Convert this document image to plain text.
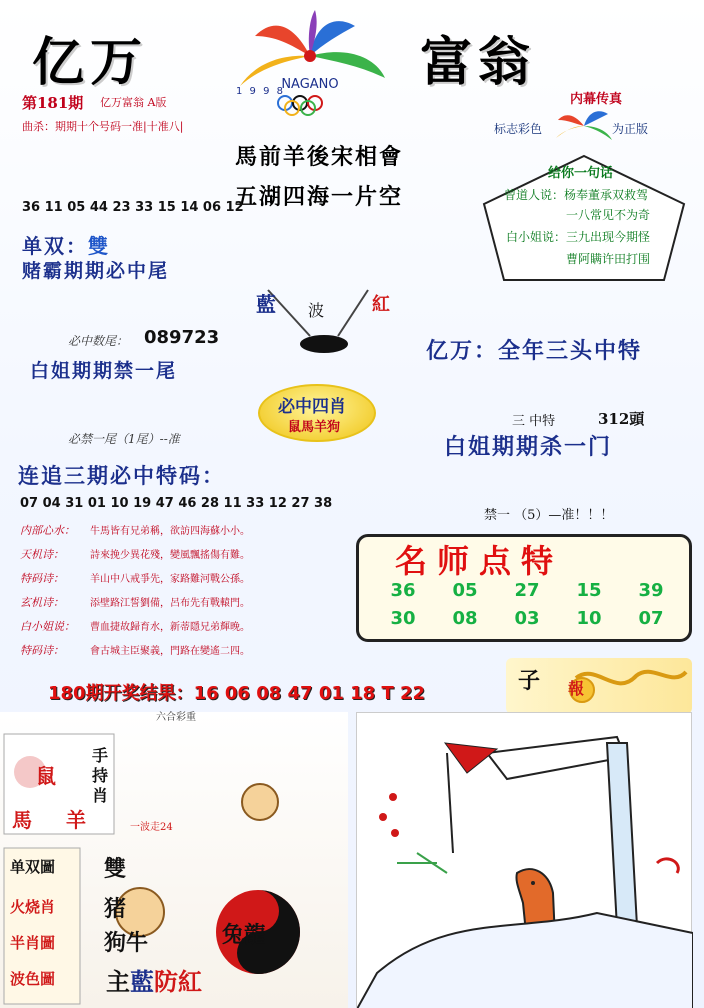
亿万	富翁
NAGANO
1 9 9 8
第181期 亿万富翁 A版
曲杀：期期十个号码一准|十准八|
馬前羊後宋相會
五湖四海一片空
内幕传真
标志彩色	为正版
给你一句话
曾道人说：杨奉董承双救驾
一八常见不为奇
白小姐说：三九出现今期怪
曹阿瞒许田打围
36 11 05 44 23 33 15 14 06 12
单双：雙
赌霸期期必中尾
必中数尾： 089723
白姐期期禁一尾
藍 波	紅
亿万：全年三头中特
必中四肖
鼠馬羊狗
必禁一尾（1尾）--准
三 中特	312頭
白姐期期杀一门
连追三期必中特码：
07 04 31 01 10 19 47 46 28 11 33 12 27 38
禁一 （5）—准！！！
内部心水： 牛馬皆有兄弟稱，欲訪四海蘇小小。
天机诗：	詩來挽少異花殘，變風飄搖傷有難。
特码诗：	羊山中八戒爭先，家路難河戰公孫。
玄机诗：	添壁路江誓劉備，呂布先有戰轅門。
白小姐说： 曹血捷故歸育水，新蒂隱兄弟輝晚。
特码诗：	會古城主臣聚義，門路在變遙二四。
名师点特
36 05 27 15 39
30 08 03 10 07
子 報
180期开奖结果：16 06 08 47 01 18 T 22
六合彩重
鼠
馬 羊
手持肖
一波走24
单双圖
火烧肖
半肖圖
波色圖
雙
猪
狗牛	兔龍
主藍防紅
